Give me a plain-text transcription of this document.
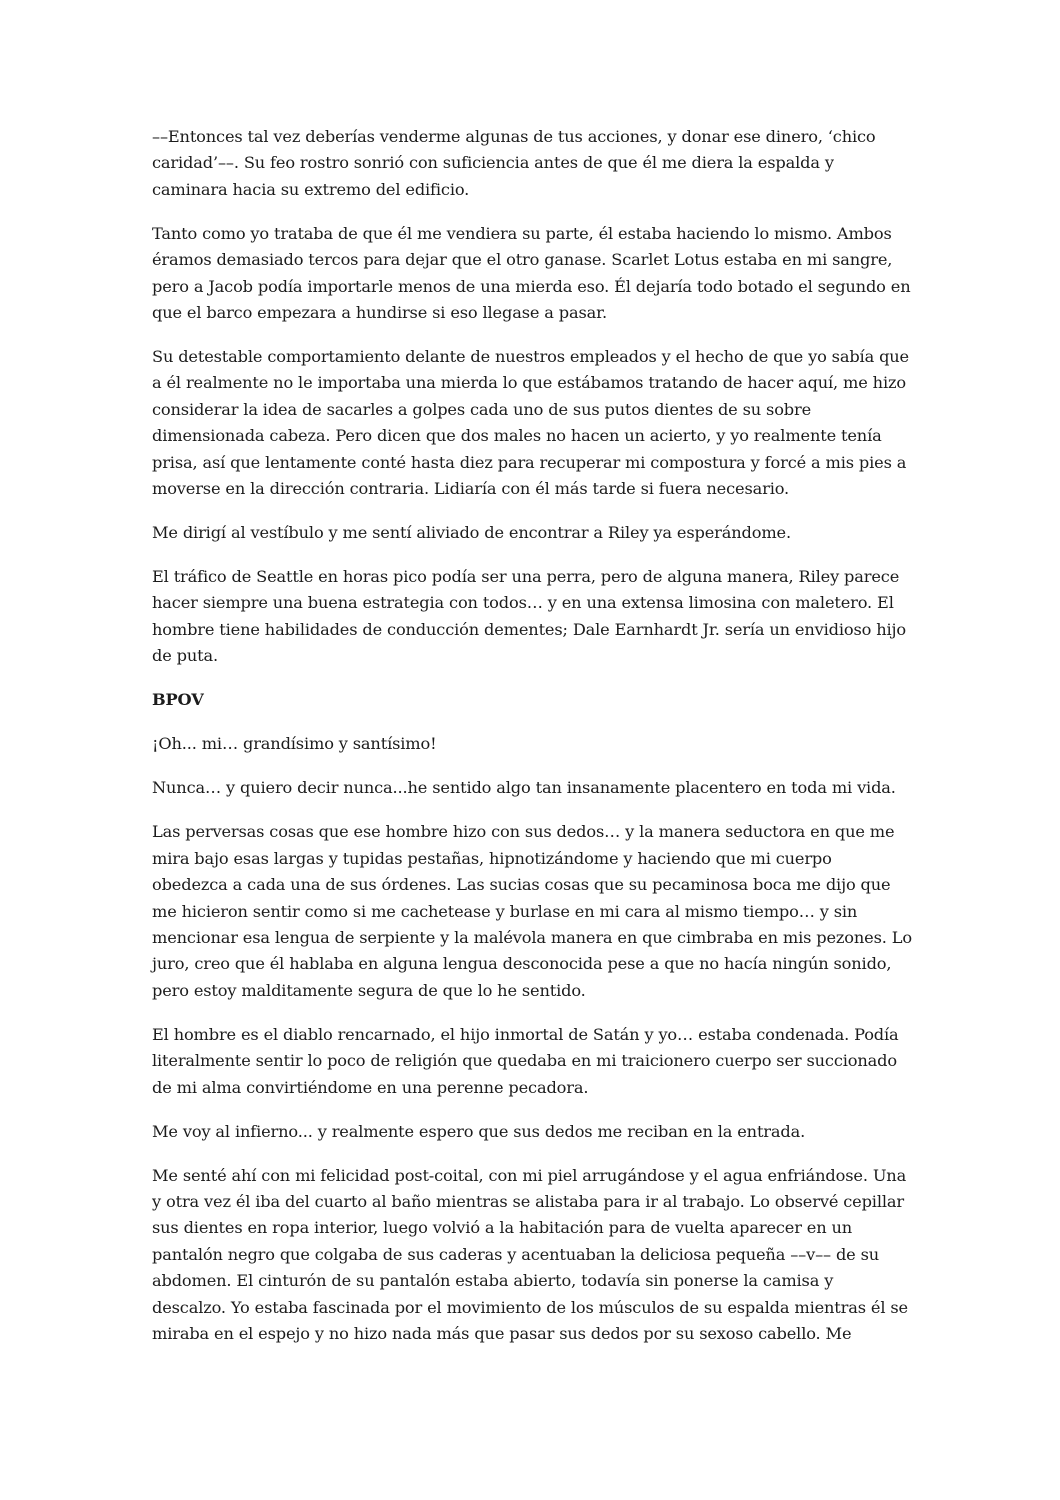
––Entonces tal vez deberías venderme algunas de tus acciones, y donar ese dinero, ‘chico caridad’––. Su feo rostro sonrió con suficiencia antes de que él me diera la espalda y caminara hacia su extremo del edificio.

Tanto como yo trataba de que él me vendiera su parte, él estaba haciendo lo mismo. Ambos éramos demasiado tercos para dejar que el otro ganase. Scarlet Lotus estaba en mi sangre, pero a Jacob podía importarle menos de una mierda eso. Él dejaría todo botado el segundo en que el barco empezara a hundirse si eso llegase a pasar.

Su detestable comportamiento delante de nuestros empleados y el hecho de que yo sabía que a él realmente no le importaba una mierda lo que estábamos tratando de hacer aquí, me hizo considerar la idea de sacarles a golpes cada uno de sus putos dientes de su sobre dimensionada cabeza. Pero dicen que dos males no hacen un acierto, y yo realmente tenía prisa, así que lentamente conté hasta diez para recuperar mi compostura y forcé a mis pies a moverse en la dirección contraria. Lidiaría con él más tarde si fuera necesario.

Me dirigí al vestíbulo y me sentí aliviado de encontrar a Riley ya esperándome.

El tráfico de Seattle en horas pico podía ser una perra, pero de alguna manera, Riley parece hacer siempre una buena estrategia con todos… y en una extensa limosina con maletero. El hombre tiene habilidades de conducción dementes; Dale Earnhardt Jr. sería un envidioso hijo de puta.

BPOV

¡Oh... mi… grandísimo y santísimo!

Nunca… y quiero decir nunca...he sentido algo tan insanamente placentero en toda mi vida.

Las perversas cosas que ese hombre hizo con sus dedos… y la manera seductora en que me mira bajo esas largas y tupidas pestañas, hipnotizándome y haciendo que mi cuerpo obedezca a cada una de sus órdenes. Las sucias cosas que su pecaminosa boca me dijo que me hicieron sentir como si me cachetease y burlase en mi cara al mismo tiempo… y sin mencionar esa lengua de serpiente y la malévola manera en que cimbraba en mis pezones. Lo juro, creo que él hablaba en alguna lengua desconocida pese a que no hacía ningún sonido, pero estoy malditamente segura de que lo he sentido.

El hombre es el diablo rencarnado, el hijo inmortal de Satán y yo… estaba condenada. Podía literalmente sentir lo poco de religión que quedaba en mi traicionero cuerpo ser succionado de mi alma convirtiéndome en una perenne pecadora.

Me voy al infierno... y realmente espero que sus dedos me reciban en la entrada.

Me senté ahí con mi felicidad post-coital, con mi piel arrugándose y el agua enfriándose. Una y otra vez él iba del cuarto al baño mientras se alistaba para ir al trabajo. Lo observé cepillar sus dientes en ropa interior, luego volvió a la habitación para de vuelta aparecer en un pantalón negro que colgaba de sus caderas y acentuaban la deliciosa pequeña ––v–– de su abdomen. El cinturón de su pantalón estaba abierto, todavía sin ponerse la camisa y descalzo. Yo estaba fascinada por el movimiento de los músculos de su espalda mientras él se miraba en el espejo y no hizo nada más que pasar sus dedos por su sexoso cabello. Me
